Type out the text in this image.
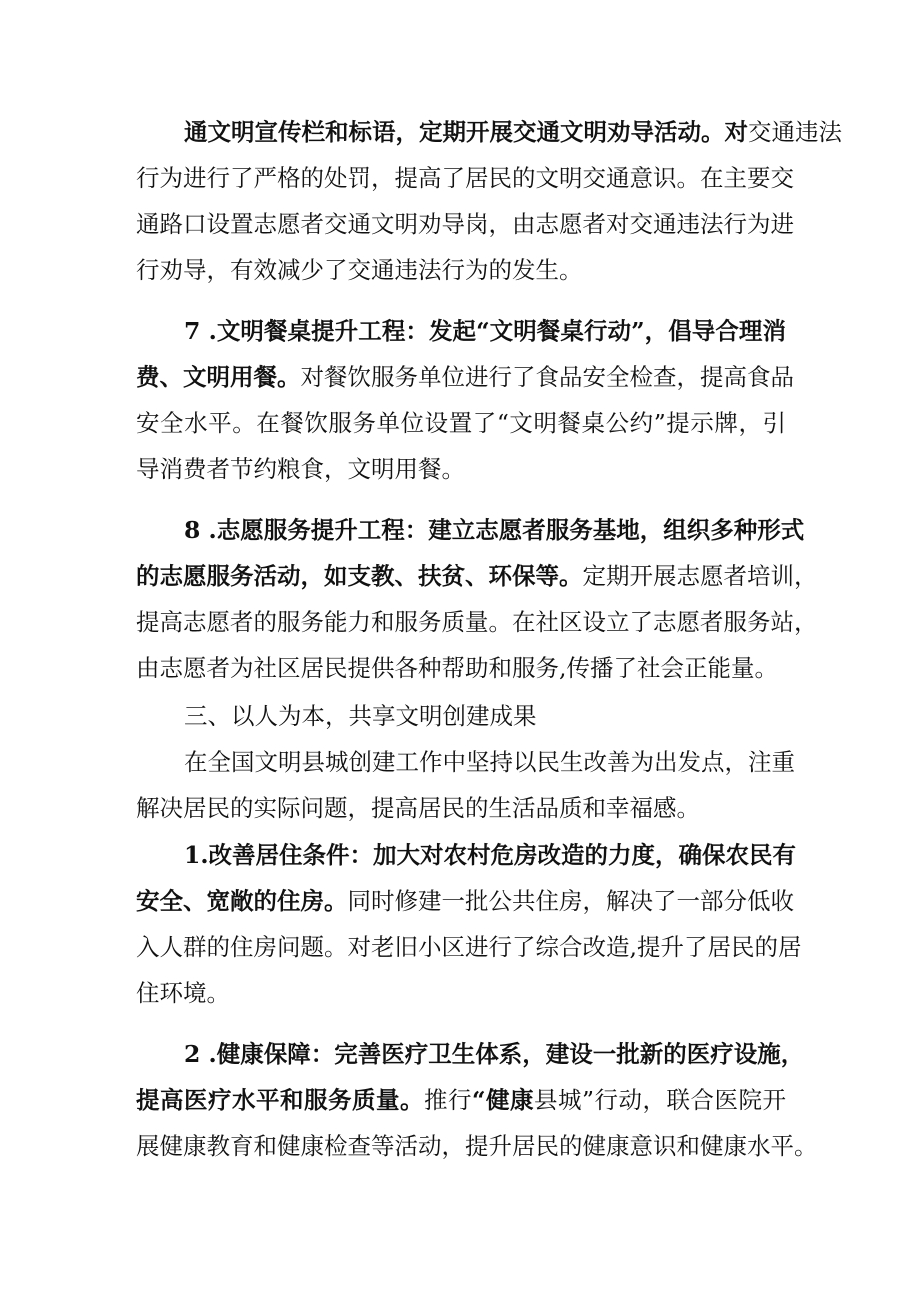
通文明宣传栏和标语，定期开展交通文明劝导活动。对交通违法
行为进行了严格的处罚，提高了居民的文明交通意识。在主要交
通路口设置志愿者交通文明劝导岗，由志愿者对交通违法行为进
行劝导，有效减少了交通违法行为的发生。
7 .文明餐桌提升工程：发起“文明餐桌行动”，倡导合理消
费、文明用餐。对餐饮服务单位进行了食品安全检查，提高食品
安全水平。在餐饮服务单位设置了“文明餐桌公约”提示牌，引
导消费者节约粮食，文明用餐。
8 .志愿服务提升工程：建立志愿者服务基地，组织多种形式
的志愿服务活动，如支教、扶贫、环保等。定期开展志愿者培训，
提高志愿者的服务能力和服务质量。在社区设立了志愿者服务站，
由志愿者为社区居民提供各种帮助和服务,传播了社会正能量。
三、以人为本，共享文明创建成果
在全国文明县城创建工作中坚持以民生改善为出发点，注重
解决居民的实际问题，提高居民的生活品质和幸福感。
1.改善居住条件：加大对农村危房改造的力度，确保农民有
安全、宽敞的住房。同时修建一批公共住房，解决了一部分低收
入人群的住房问题。对老旧小区进行了综合改造,提升了居民的居
住环境。
2 .健康保障：完善医疗卫生体系，建设一批新的医疗设施，
提高医疗水平和服务质量。推行“健康县城”行动，联合医院开
展健康教育和健康检查等活动，提升居民的健康意识和健康水平。
